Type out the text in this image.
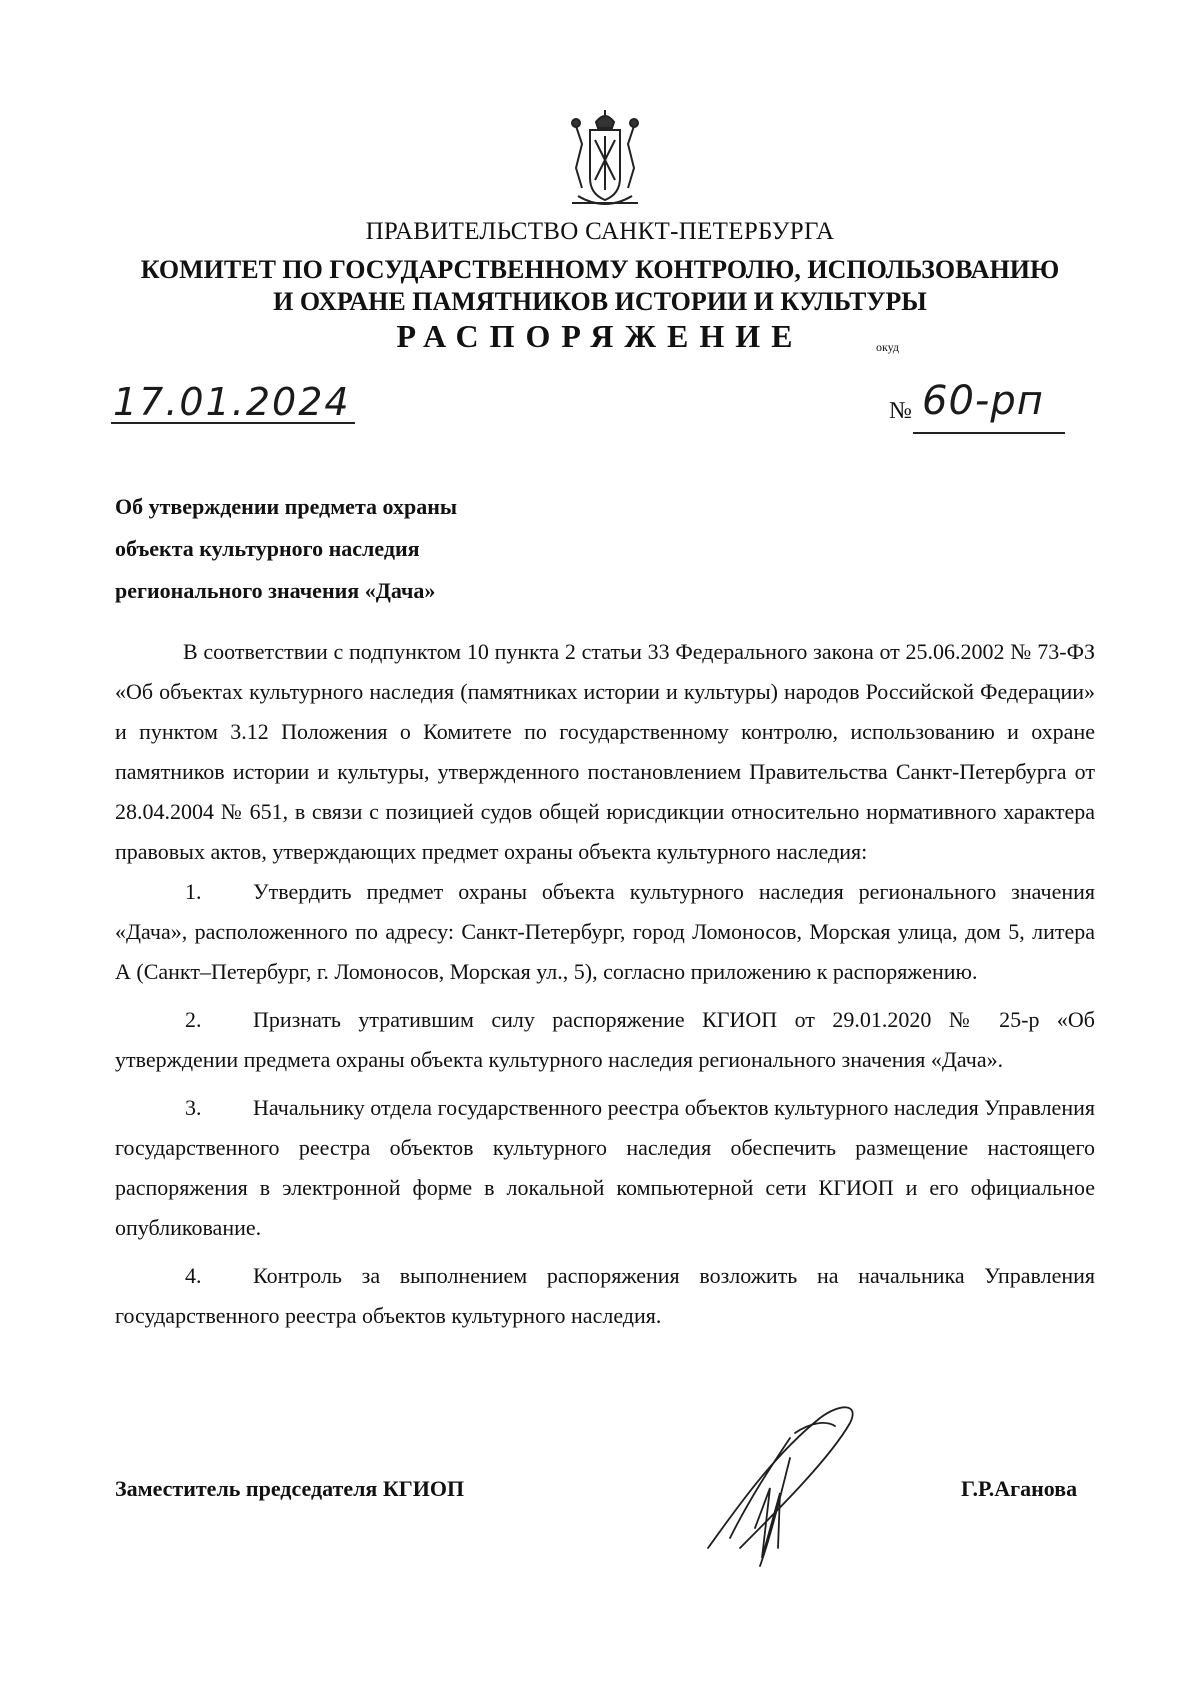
ПРАВИТЕЛЬСТВО САНКТ-ПЕТЕРБУРГА
КОМИТЕТ ПО ГОСУДАРСТВЕННОМУ КОНТРОЛЮ, ИСПОЛЬЗОВАНИЮ
И ОХРАНЕ ПАМЯТНИКОВ ИСТОРИИ И КУЛЬТУРЫ
РАСПОРЯЖЕНИЕ	окуд
17.01.2024	№ 60-рп
Об утверждении предмета охраны
объекта культурного наследия
регионального значения «Дача»

В соответствии с подпунктом 10 пункта 2 статьи 33 Федерального закона от 25.06.2002 № 73-ФЗ «Об объектах культурного наследия (памятниках истории и культуры) народов Российской Федерации» и пунктом 3.12 Положения о Комитете по государственному контролю, использованию и охране памятников истории и культуры, утвержденного постановлением Правительства Санкт-Петербурга от 28.04.2004 № 651, в связи с позицией судов общей юрисдикции относительно нормативного характера правовых актов, утверждающих предмет охраны объекта культурного наследия:

1. Утвердить предмет охраны объекта культурного наследия регионального значения «Дача», расположенного по адресу: Санкт-Петербург, город Ломоносов, Морская улица, дом 5, литера А (Санкт–Петербург, г. Ломоносов, Морская ул., 5), согласно приложению к распоряжению.

2. Признать утратившим силу распоряжение КГИОП от 29.01.2020 № 25-р «Об утверждении предмета охраны объекта культурного наследия регионального значения «Дача».

3. Начальнику отдела государственного реестра объектов культурного наследия Управления государственного реестра объектов культурного наследия обеспечить размещение настоящего распоряжения в электронной форме в локальной компьютерной сети КГИОП и его официальное опубликование.

4. Контроль за выполнением распоряжения возложить на начальника Управления государственного реестра объектов культурного наследия.

Заместитель председателя КГИОП	Г.Р.Аганова
